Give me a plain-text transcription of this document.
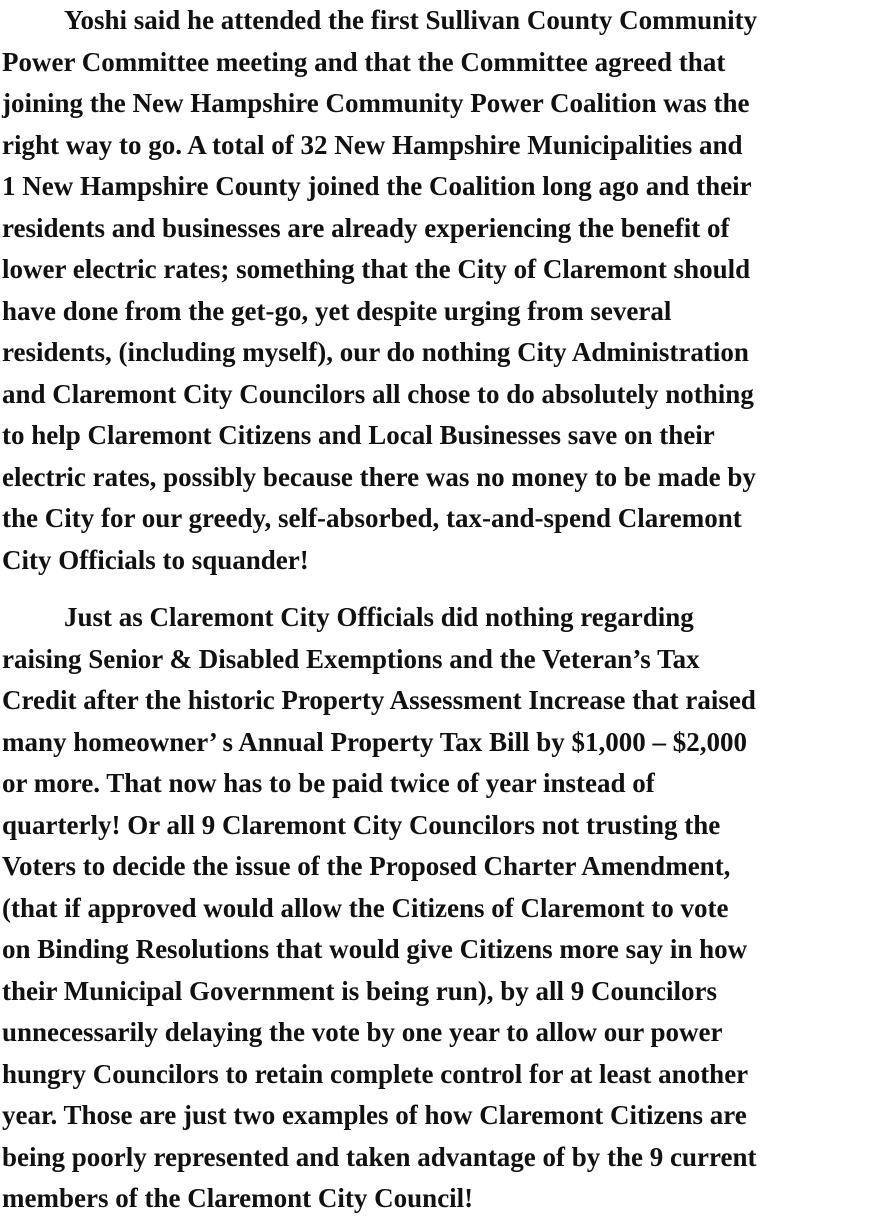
Yoshi said he attended the first Sullivan County Community
Power Committee meeting and that the Committee agreed that
joining the New Hampshire Community Power Coalition was the
right way to go. A total of 32 New Hampshire Municipalities and
1 New Hampshire County joined the Coalition long ago and their
residents and businesses are already experiencing the benefit of
lower electric rates; something that the City of Claremont should
have done from the get-go, yet despite urging from several
residents, (including myself), our do nothing City Administration
and Claremont City Councilors all chose to do absolutely nothing
to help Claremont Citizens and Local Businesses save on their
electric rates, possibly because there was no money to be made by
the City for our greedy, self-absorbed, tax-and-spend Claremont
City Officials to squander!
Just as Claremont City Officials did nothing regarding
raising Senior & Disabled Exemptions and the Veteran’s Tax
Credit after the historic Property Assessment Increase that raised
many homeowner’ s Annual Property Tax Bill by $1,000 – $2,000
or more. That now has to be paid twice of year instead of
quarterly! Or all 9 Claremont City Councilors not trusting the
Voters to decide the issue of the Proposed Charter Amendment,
(that if approved would allow the Citizens of Claremont to vote
on Binding Resolutions that would give Citizens more say in how
their Municipal Government is being run), by all 9 Councilors
unnecessarily delaying the vote by one year to allow our power
hungry Councilors to retain complete control for at least another
year. Those are just two examples of how Claremont Citizens are
being poorly represented and taken advantage of by the 9 current
members of the Claremont City Council!
